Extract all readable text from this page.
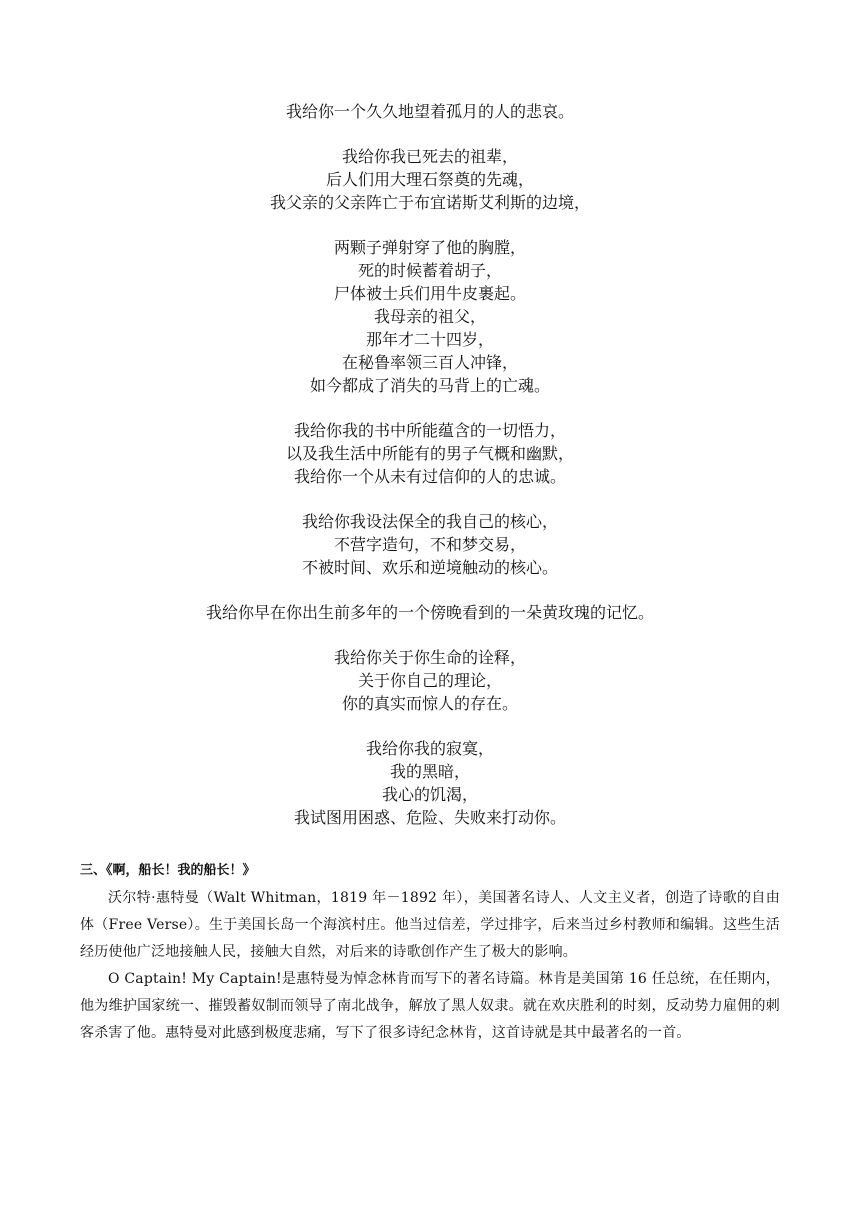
我给你一个久久地望着孤月的人的悲哀。
我给你我已死去的祖辈，
后人们用大理石祭奠的先魂，
我父亲的父亲阵亡于布宜诺斯艾利斯的边境，
两颗子弹射穿了他的胸膛，
死的时候蓄着胡子，
尸体被士兵们用牛皮裹起。
我母亲的祖父，
那年才二十四岁，
在秘鲁率领三百人冲锋，
如今都成了消失的马背上的亡魂。
我给你我的书中所能蕴含的一切悟力，
以及我生活中所能有的男子气概和幽默，
我给你一个从未有过信仰的人的忠诚。
我给你我设法保全的我自己的核心，
不营字造句，不和梦交易，
不被时间、欢乐和逆境触动的核心。
我给你早在你出生前多年的一个傍晚看到的一朵黄玫瑰的记忆。
我给你关于你生命的诠释，
关于你自己的理论，
你的真实而惊人的存在。
我给你我的寂寞，
我的黑暗，
我心的饥渴，
我试图用困惑、危险、失败来打动你。
三、《啊，船长！我的船长！》

沃尔特·惠特曼（Walt Whitman，1819 年－1892 年），美国著名诗人、人文主义者，创造了诗歌的自由体（Free Verse）。生于美国长岛一个海滨村庄。他当过信差，学过排字，后来当过乡村教师和编辑。这些生活经历使他广泛地接触人民，接触大自然，对后来的诗歌创作产生了极大的影响。

O Captain! My Captain!是惠特曼为悼念林肯而写下的著名诗篇。林肯是美国第 16 任总统，在任期内，他为维护国家统一、摧毁蓄奴制而领导了南北战争，解放了黑人奴隶。就在欢庆胜利的时刻，反动势力雇佣的刺客杀害了他。惠特曼对此感到极度悲痛，写下了很多诗纪念林肯，这首诗就是其中最著名的一首。
